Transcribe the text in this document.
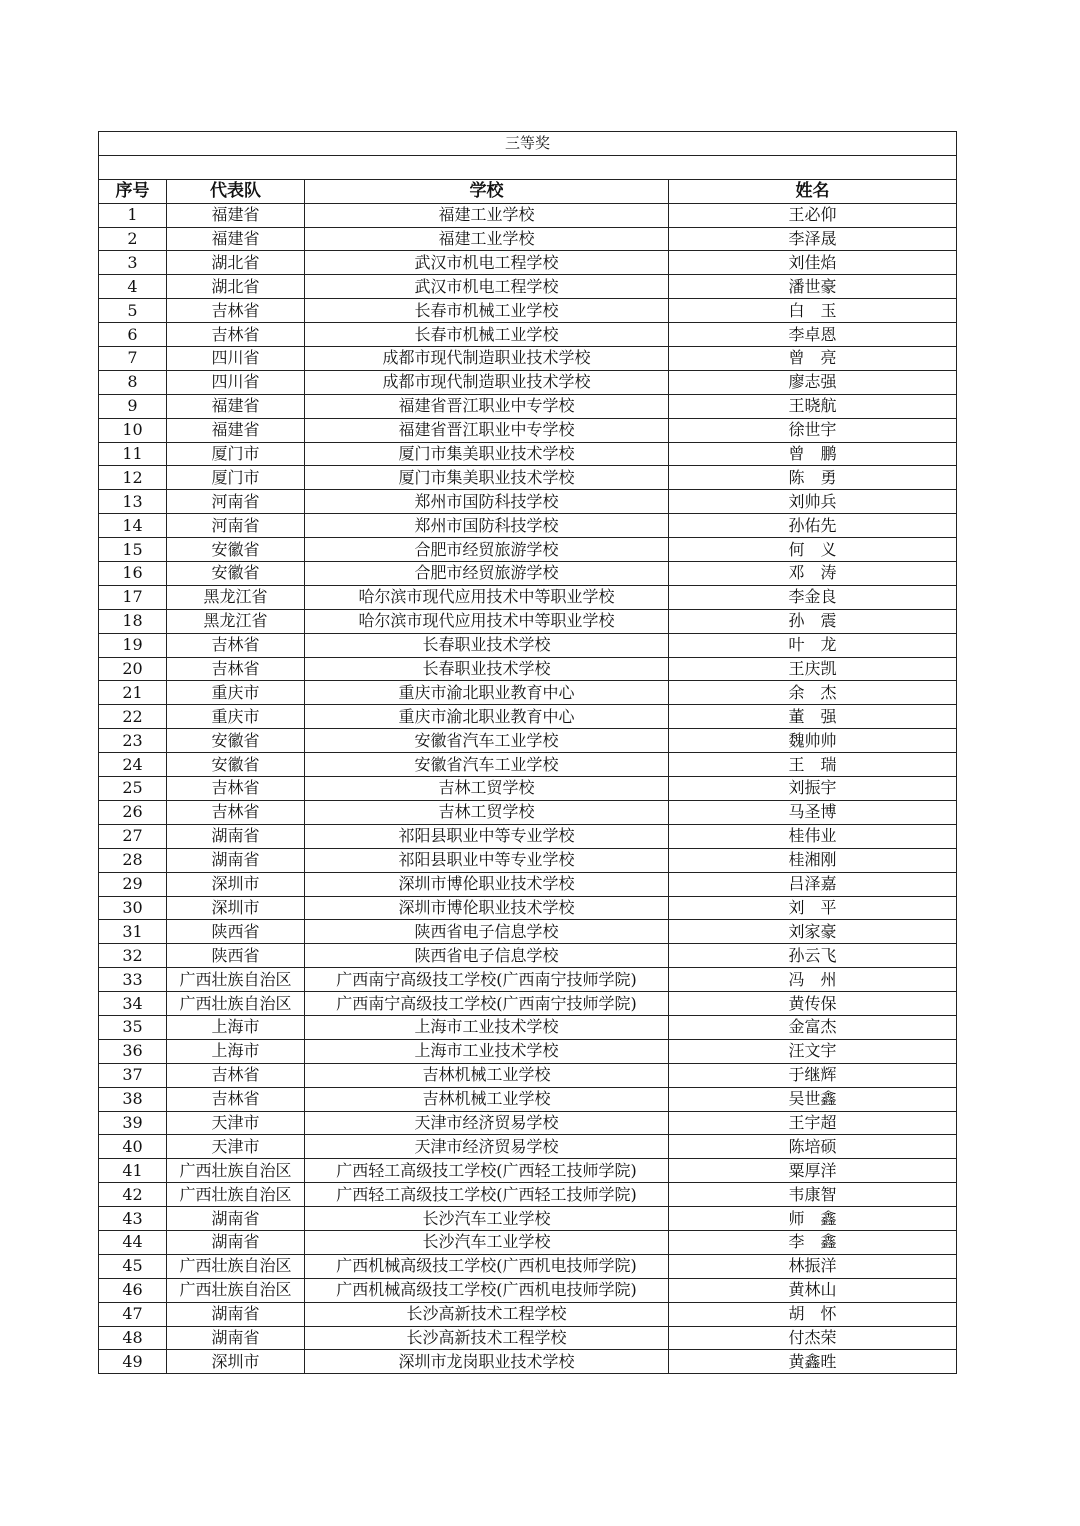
三等奖			

序号	代表队	学校	姓名
1	福建省	福建工业学校	王必仰
2	福建省	福建工业学校	李泽晟
3	湖北省	武汉市机电工程学校	刘佳焰
4	湖北省	武汉市机电工程学校	潘世豪
5	吉林省	长春市机械工业学校	白　玉
6	吉林省	长春市机械工业学校	李卓恩
7	四川省	成都市现代制造职业技术学校	曾　亮
8	四川省	成都市现代制造职业技术学校	廖志强
9	福建省	福建省晋江职业中专学校	王晓航
10	福建省	福建省晋江职业中专学校	徐世宇
11	厦门市	厦门市集美职业技术学校	曾　鹏
12	厦门市	厦门市集美职业技术学校	陈　勇
13	河南省	郑州市国防科技学校	刘帅兵
14	河南省	郑州市国防科技学校	孙佑先
15	安徽省	合肥市经贸旅游学校	何　义
16	安徽省	合肥市经贸旅游学校	邓　涛
17	黑龙江省	哈尔滨市现代应用技术中等职业学校	李金良
18	黑龙江省	哈尔滨市现代应用技术中等职业学校	孙　震
19	吉林省	长春职业技术学校	叶　龙
20	吉林省	长春职业技术学校	王庆凯
21	重庆市	重庆市渝北职业教育中心	余　杰
22	重庆市	重庆市渝北职业教育中心	董　强
23	安徽省	安徽省汽车工业学校	魏帅帅
24	安徽省	安徽省汽车工业学校	王　瑞
25	吉林省	吉林工贸学校	刘振宇
26	吉林省	吉林工贸学校	马圣博
27	湖南省	祁阳县职业中等专业学校	桂伟业
28	湖南省	祁阳县职业中等专业学校	桂湘刚
29	深圳市	深圳市博伦职业技术学校	吕泽嘉
30	深圳市	深圳市博伦职业技术学校	刘　平
31	陕西省	陕西省电子信息学校	刘家豪
32	陕西省	陕西省电子信息学校	孙云飞
33	广西壮族自治区	广西南宁高级技工学校(广西南宁技师学院)	冯　州
34	广西壮族自治区	广西南宁高级技工学校(广西南宁技师学院)	黄传保
35	上海市	上海市工业技术学校	金富杰
36	上海市	上海市工业技术学校	汪文宇
37	吉林省	吉林机械工业学校	于继辉
38	吉林省	吉林机械工业学校	吴世鑫
39	天津市	天津市经济贸易学校	王宇超
40	天津市	天津市经济贸易学校	陈培硕
41	广西壮族自治区	广西轻工高级技工学校(广西轻工技师学院)	粟厚洋
42	广西壮族自治区	广西轻工高级技工学校(广西轻工技师学院)	韦康智
43	湖南省	长沙汽车工业学校	师　鑫
44	湖南省	长沙汽车工业学校	李　鑫
45	广西壮族自治区	广西机械高级技工学校(广西机电技师学院)	林振洋
46	广西壮族自治区	广西机械高级技工学校(广西机电技师学院)	黄林山
47	湖南省	长沙高新技术工程学校	胡　怀
48	湖南省	长沙高新技术工程学校	付杰荣
49	深圳市	深圳市龙岗职业技术学校	黄鑫甠
